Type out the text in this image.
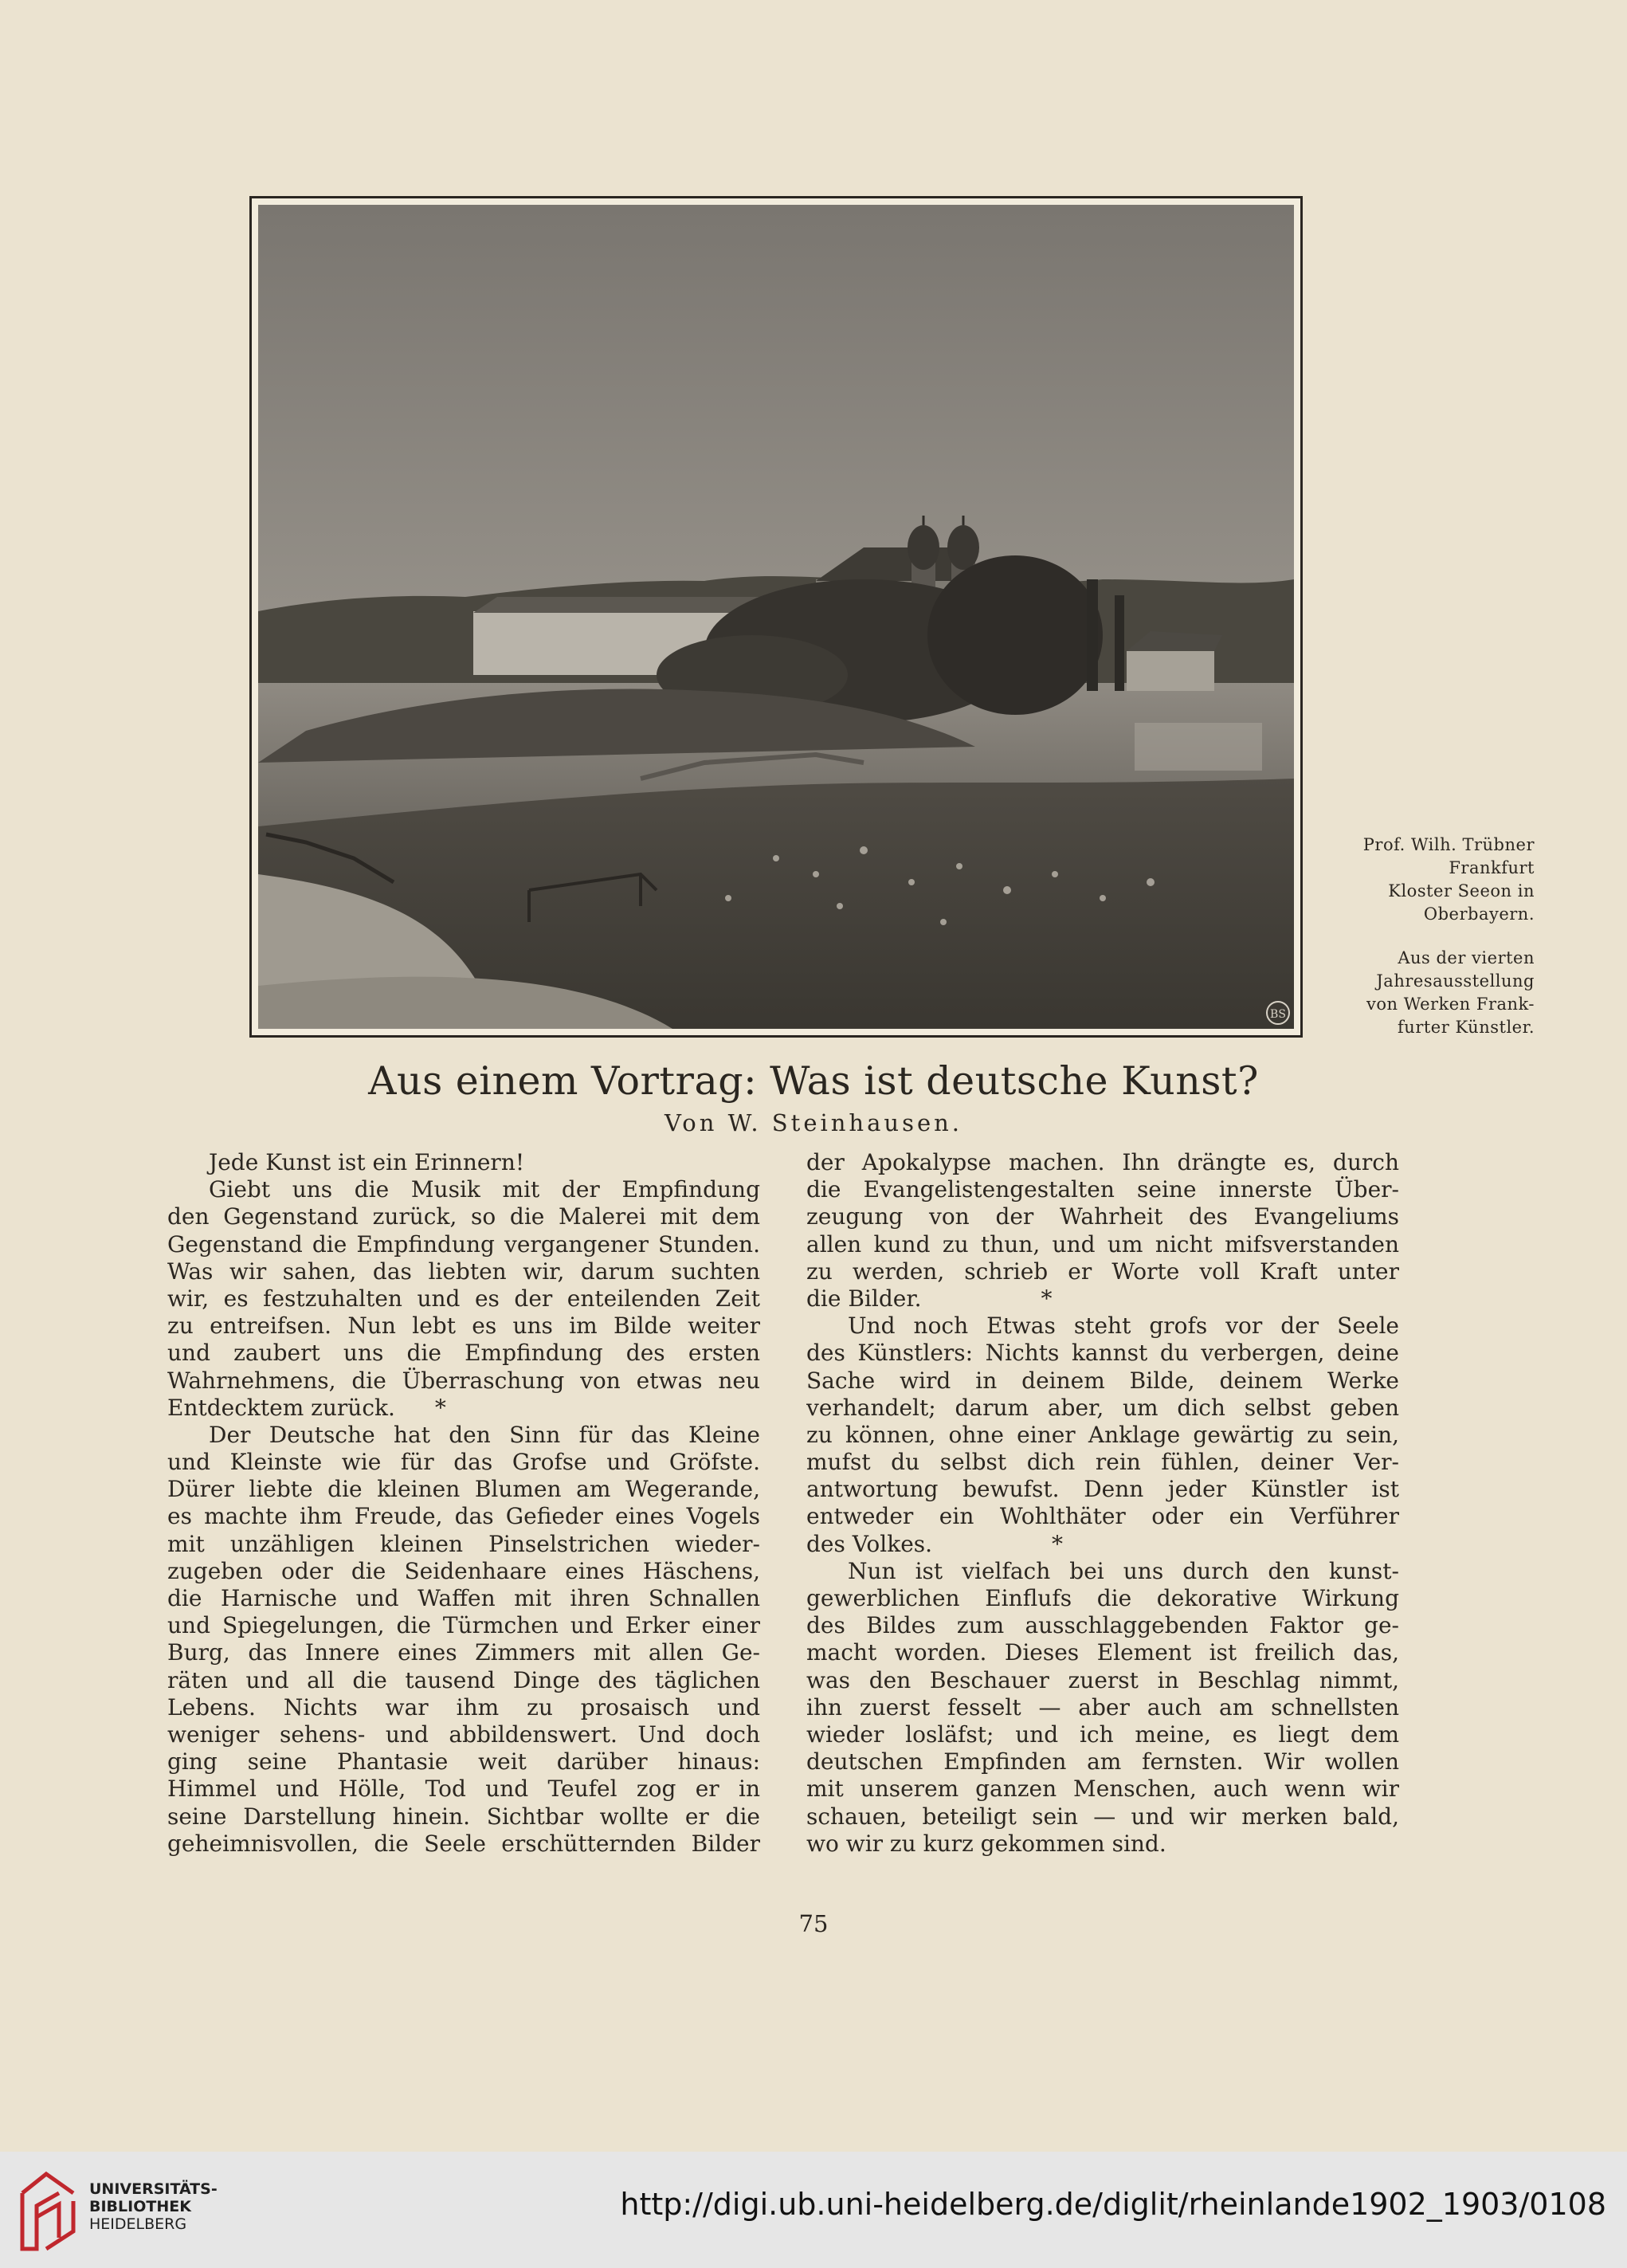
BS
Prof. Wilh. Trübner
Frankfurt
Kloster Seeon in
Oberbayern.
Aus der vierten
Jahresausstellung
von Werken Frank-
furter Künstler.
Aus einem Vortrag: Was ist deutsche Kunst?
Von W. Steinhausen.
Jede Kunst ist ein Erinnern!
Giebt uns die Musik mit der Empfindung
den Gegenstand zurück, so die Malerei mit dem
Gegenstand die Empfindung vergangener Stunden.
Was wir sahen, das liebten wir, darum suchten
wir, es festzuhalten und es der enteilenden Zeit
zu entreifsen. Nun lebt es uns im Bilde weiter
und zaubert uns die Empfindung des ersten
Wahrnehmens, die Überraschung von etwas neu
Entdecktem zurück. *
Der Deutsche hat den Sinn für das Kleine
und Kleinste wie für das Grofse und Gröfste.
Dürer liebte die kleinen Blumen am Wegerande,
es machte ihm Freude, das Gefieder eines Vogels
mit unzähligen kleinen Pinselstrichen wieder-
zugeben oder die Seidenhaare eines Häschens,
die Harnische und Waffen mit ihren Schnallen
und Spiegelungen, die Türmchen und Erker einer
Burg, das Innere eines Zimmers mit allen Ge-
räten und all die tausend Dinge des täglichen
Lebens. Nichts war ihm zu prosaisch und
weniger sehens- und abbildenswert. Und doch
ging seine Phantasie weit darüber hinaus:
Himmel und Hölle, Tod und Teufel zog er in
seine Darstellung hinein. Sichtbar wollte er die
geheimnisvollen, die Seele erschütternden Bilder
der Apokalypse machen. Ihn drängte es, durch
die Evangelistengestalten seine innerste Über-
zeugung von der Wahrheit des Evangeliums
allen kund zu thun, und um nicht mifsverstanden
zu werden, schrieb er Worte voll Kraft unter
die Bilder.	*
Und noch Etwas steht grofs vor der Seele
des Künstlers: Nichts kannst du verbergen, deine
Sache wird in deinem Bilde, deinem Werke
verhandelt; darum aber, um dich selbst geben
zu können, ohne einer Anklage gewärtig zu sein,
mufst du selbst dich rein fühlen, deiner Ver-
antwortung bewufst. Denn jeder Künstler ist
entweder ein Wohlthäter oder ein Verführer
des Volkes.	*
Nun ist vielfach bei uns durch den kunst-
gewerblichen Einflufs die dekorative Wirkung
des Bildes zum ausschlaggebenden Faktor ge-
macht worden. Dieses Element ist freilich das,
was den Beschauer zuerst in Beschlag nimmt,
ihn zuerst fesselt — aber auch am schnellsten
wieder losläfst; und ich meine, es liegt dem
deutschen Empfinden am fernsten. Wir wollen
mit unserem ganzen Menschen, auch wenn wir
schauen, beteiligt sein — und wir merken bald,
wo wir zu kurz gekommen sind.
75
UNIVERSITÄTS-
BIBLIOTHEK
HEIDELBERG
http://digi.ub.uni-heidelberg.de/diglit/rheinlande1902_1903/0108
